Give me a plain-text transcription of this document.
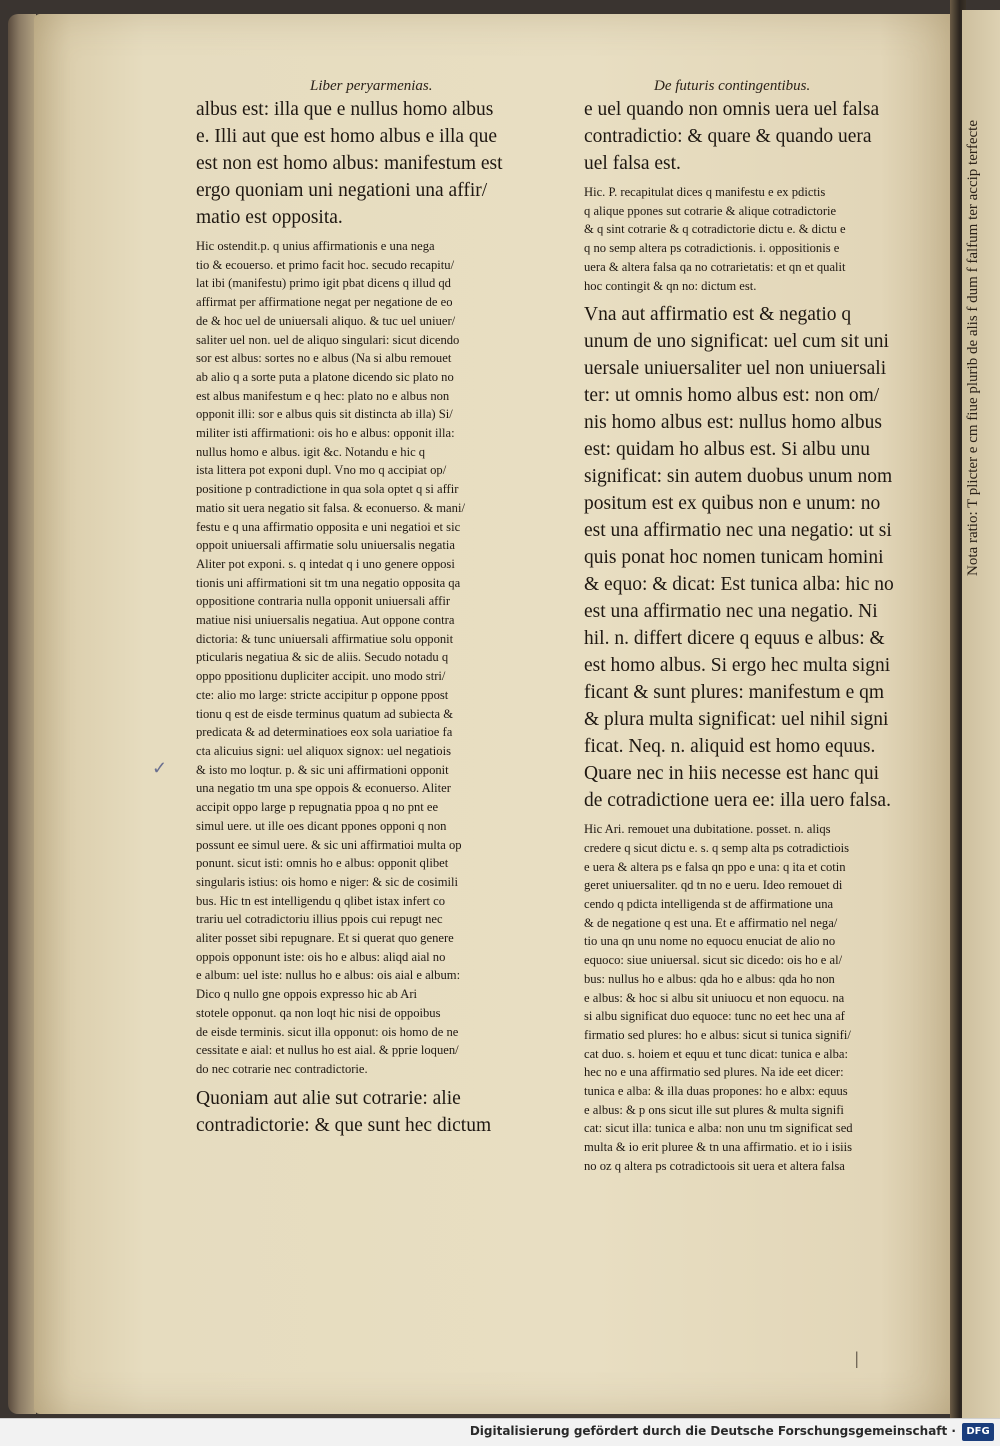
Nota ratio: T plicter e cm fiue plurib de alis f dum f falfum ter accip terfecte
Liber peryarmenias.	De futuris contingentibus.
albus est: illa que e nullus homo albus
e. Illi aut que est homo albus e illa que
est non est homo albus: manifestum est
ergo quoniam uni negationi una affir/
matio est opposita.
Hic ostendit.p. q unius affirmationis e una nega
tio & ecouerso. et primo facit hoc. secudo recapitu/
lat ibi (manifestu) primo igit pbat dicens q illud qd
affirmat per affirmatione negat per negatione de eo
de & hoc uel de uniuersali aliquo. & tuc uel uniuer/
saliter uel non. uel de aliquo singulari: sicut dicendo
sor est albus: sortes no e albus (Na si albu remouet
ab alio q a sorte puta a platone dicendo sic plato no
est albus manifestum e q hec: plato no e albus non
opponit illi: sor e albus quis sit distincta ab illa) Si/
militer isti affirmationi: ois ho e albus: opponit illa:
nullus homo e albus. igit &c. Notandu e hic q
ista littera pot exponi dupl. Vno mo q accipiat op/
positione p contradictione in qua sola optet q si affir
matio sit uera negatio sit falsa. & econuerso. & mani/
festu e q una affirmatio opposita e uni negatioi et sic
oppoit uniuersali affirmatie solu uniuersalis negatia
Aliter pot exponi. s. q intedat q i uno genere opposi
tionis uni affirmationi sit tm una negatio opposita qa
oppositione contraria nulla opponit uniuersali affir
matiue nisi uniuersalis negatiua. Aut oppone contra
dictoria: & tunc uniuersali affirmatiue solu opponit
pticularis negatiua & sic de aliis. Secudo notadu q
oppo ppositionu dupliciter accipit. uno modo stri/
cte: alio mo large: stricte accipitur p oppone ppost
tionu q est de eisde terminus quatum ad subiecta &
predicata & ad determinatioes eox sola uariatioe fa
cta alicuius signi: uel aliquox signox: uel negatiois
& isto mo loqtur. p. & sic uni affirmationi opponit
una negatio tm una spe oppois & econuerso. Aliter
accipit oppo large p repugnatia ppoa q no pnt ee
simul uere. ut ille oes dicant ppones opponi q non
possunt ee simul uere. & sic uni affirmatioi multa op
ponunt. sicut isti: omnis ho e albus: opponit qlibet
singularis istius: ois homo e niger: & sic de cosimili
bus. Hic tn est intelligendu q qlibet istax infert co
trariu uel cotradictoriu illius ppois cui repugt nec
aliter posset sibi repugnare. Et si querat quo genere
oppois opponunt iste: ois ho e albus: aliqd aial no
e album: uel iste: nullus ho e albus: ois aial e album:
Dico q nullo gne oppois expresso hic ab Ari
stotele opponut. qa non loqt hic nisi de oppoibus
de eisde terminis. sicut illa opponut: ois homo de ne
cessitate e aial: et nullus ho est aial. & pprie loquen/
do nec cotrarie nec contradictorie.
Quoniam aut alie sut cotrarie: alie
contradictorie: & que sunt hec dictum
e uel quando non omnis uera uel falsa
contradictio: & quare & quando uera
uel falsa est.
Hic. P. recapitulat dices q manifestu e ex pdictis
q alique ppones sut cotrarie & alique cotradictorie
& q sint cotrarie & q cotradictorie dictu e. & dictu e
q no semp altera ps cotradictionis. i. oppositionis e
uera & altera falsa qa no cotrarietatis: et qn et qualit
hoc contingit & qn no: dictum est.
Vna aut affirmatio est & negatio q
unum de uno significat: uel cum sit uni
uersale uniuersaliter uel non uniuersali
ter: ut omnis homo albus est: non om/
nis homo albus est: nullus homo albus
est: quidam ho albus est. Si albu unu
significat: sin autem duobus unum nom
positum est ex quibus non e unum: no
est una affirmatio nec una negatio: ut si
quis ponat hoc nomen tunicam homini
& equo: & dicat: Est tunica alba: hic no
est una affirmatio nec una negatio. Ni
hil. n. differt dicere q equus e albus: &
est homo albus. Si ergo hec multa signi
ficant & sunt plures: manifestum e qm
& plura multa significat: uel nihil signi
ficat. Neq. n. aliquid est homo equus.
Quare nec in hiis necesse est hanc qui
de cotradictione uera ee: illa uero falsa.
Hic Ari. remouet una dubitatione. posset. n. aliqs
credere q sicut dictu e. s. q semp alta ps cotradictiois
e uera & altera ps e falsa qn ppo e una: q ita et cotin
geret uniuersaliter. qd tn no e ueru. Ideo remouet di
cendo q pdicta intelligenda st de affirmatione una
& de negatione q est una. Et e affirmatio nel nega/
tio una qn unu nome no equocu enuciat de alio no
equoco: siue uniuersal. sicut sic dicedo: ois ho e al/
bus: nullus ho e albus: qda ho e albus: qda ho non
e albus: & hoc si albu sit uniuocu et non equocu. na
si albu significat duo equoce: tunc no eet hec una af
firmatio sed plures: ho e albus: sicut si tunica signifi/
cat duo. s. hoiem et equu et tunc dicat: tunica e alba:
hec no e una affirmatio sed plures. Na ide eet dicer:
tunica e alba: & illa duas propones: ho e albx: equus
e albus: & p ons sicut ille sut plures & multa signifi
cat: sicut illa: tunica e alba: non unu tm significat sed
multa & io erit pluree & tn una affirmatio. et io i isiis
no oz q altera ps cotradictoois sit uera et altera falsa
✓
|
Digitalisierung gefördert durch die Deutsche Forschungsgemeinschaft ·	DFG
